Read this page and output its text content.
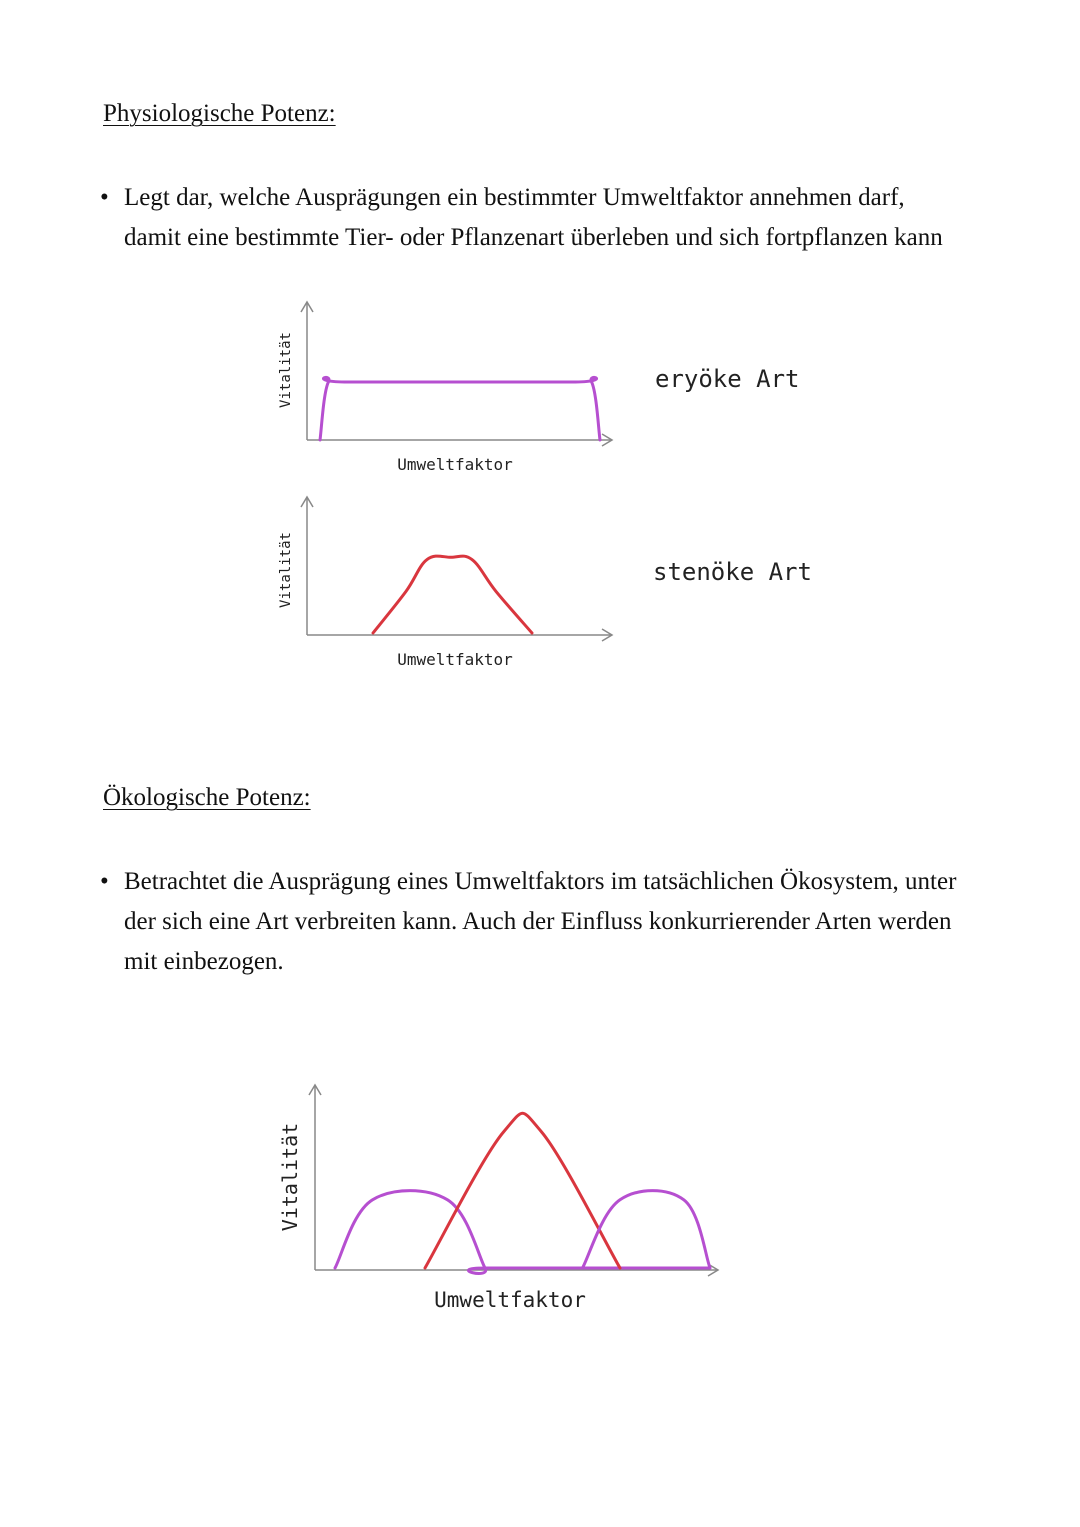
Physiologische Potenz:
• Legt dar, welche Ausprägungen ein bestimmter Umweltfaktor annehmen darf,
damit eine bestimmte Tier- oder Pflanzenart überleben und sich fortpflanzen kann
Vitalität
Umweltfaktor
eryöke Art
Vitalität
Umweltfaktor
stenöke Art
Ökologische Potenz:
• Betrachtet die Ausprägung eines Umweltfaktors im tatsächlichen Ökosystem, unter
der sich eine Art verbreiten kann. Auch der Einfluss konkurrierender Arten werden
mit einbezogen.
Vitalität
Umweltfaktor
